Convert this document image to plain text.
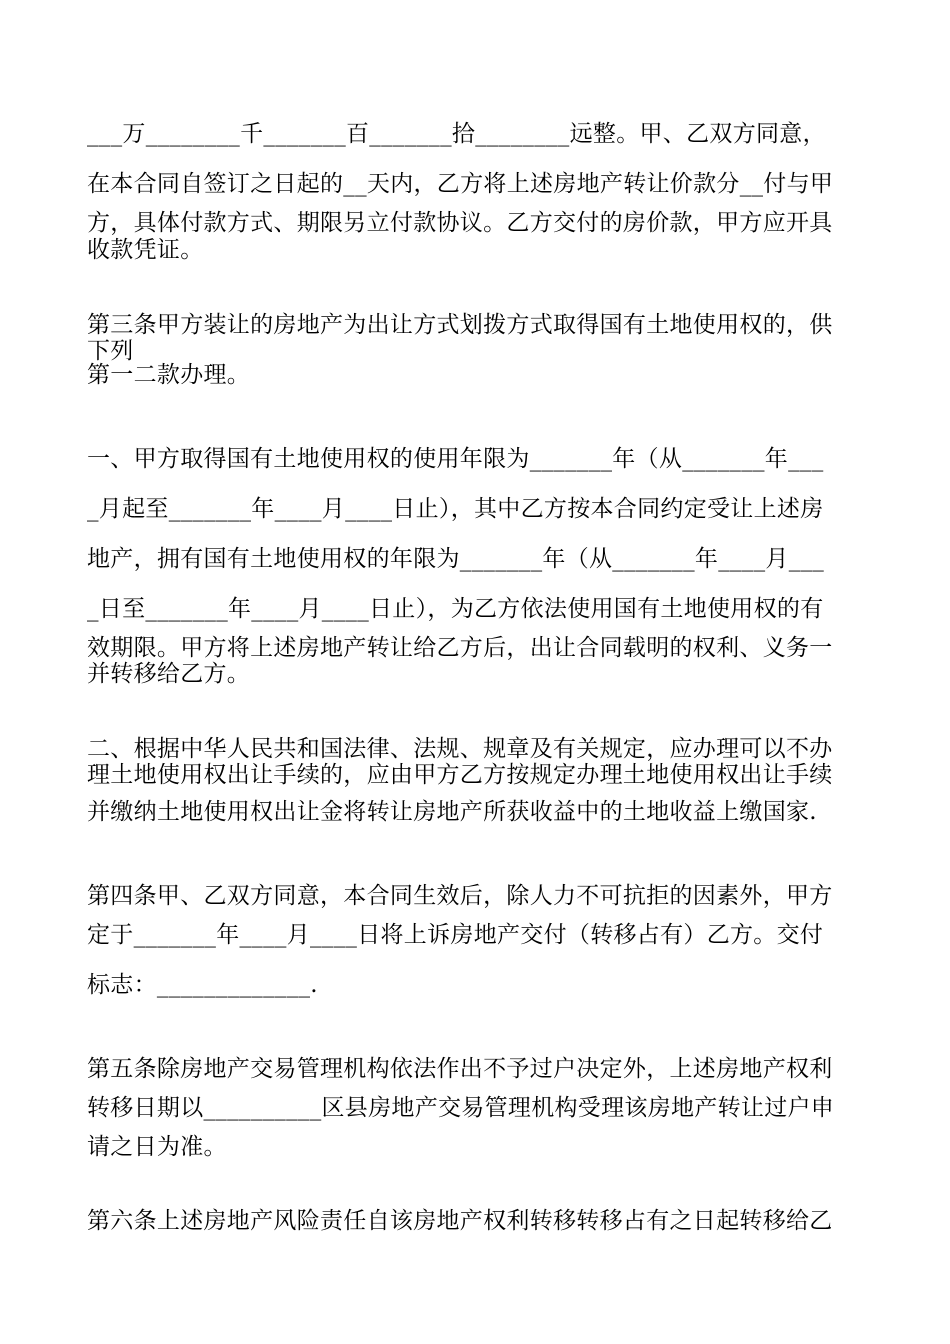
___万________千_______百_______拾________远整。甲、乙双方同意，
在本合同自签订之日起的__天内，乙方将上述房地产转让价款分__付与甲
方，具体付款方式、期限另立付款协议。乙方交付的房价款，甲方应开具
收款凭证。
第三条甲方装让的房地产为出让方式划拨方式取得国有土地使用权的，供
下列
第一二款办理。
一、甲方取得国有土地使用权的使用年限为_______年（从_______年___
_月起至_______年____月____日止），其中乙方按本合同约定受让上述房
地产，拥有国有土地使用权的年限为_______年（从_______年____月___
_日至_______年____月____日止），为乙方依法使用国有土地使用权的有
效期限。甲方将上述房地产转让给乙方后，出让合同载明的权利、义务一
并转移给乙方。
二、根据中华人民共和国法律、法规、规章及有关规定，应办理可以不办
理土地使用权出让手续的，应由甲方乙方按规定办理土地使用权出让手续
并缴纳土地使用权出让金将转让房地产所获收益中的土地收益上缴国家.
第四条甲、乙双方同意，本合同生效后，除人力不可抗拒的因素外，甲方
定于_______年____月____日将上诉房地产交付（转移占有）乙方。交付
标志：_____________.
第五条除房地产交易管理机构依法作出不予过户决定外，上述房地产权利
转移日期以__________区县房地产交易管理机构受理该房地产转让过户申
请之日为准。
第六条上述房地产风险责任自该房地产权利转移转移占有之日起转移给乙
